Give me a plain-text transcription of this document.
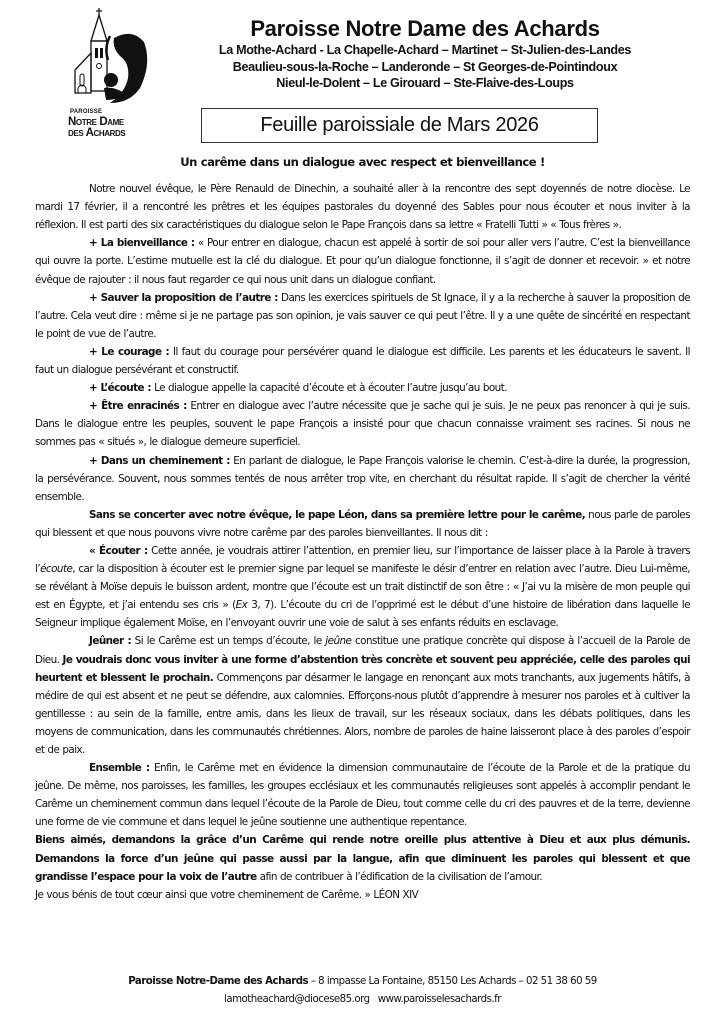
PAROISSE
Notre Dame
des Achards
Paroisse Notre Dame des Achards
La Mothe-Achard - La Chapelle-Achard – Martinet – St-Julien-des-Landes
Beaulieu-sous-la-Roche – Landeronde – St Georges-de-Pointindoux
Nieul-le-Dolent – Le Girouard – Ste-Flaive-des-Loups
Feuille paroissiale de Mars 2026

Un carême dans un dialogue avec respect et bienveillance !

Notre nouvel évêque, le Père Renauld de Dinechin, a souhaité aller à la rencontre des sept doyennés de notre diocèse. Le mardi 17 février, il a rencontré les prêtres et les équipes pastorales du doyenné des Sables pour nous écouter et nous inviter à la réflexion. Il est parti des six caractéristiques du dialogue selon le Pape François dans sa lettre « Fratelli Tutti » « Tous frères ».

+ La bienveillance : « Pour entrer en dialogue, chacun est appelé à sortir de soi pour aller vers l’autre. C’est la bienveillance qui ouvre la porte. L’estime mutuelle est la clé du dialogue. Et pour qu’un dialogue fonctionne, il s’agit de donner et recevoir. » et notre évêque de rajouter : il nous faut regarder ce qui nous unit dans un dialogue confiant.

+ Sauver la proposition de l’autre : Dans les exercices spirituels de St Ignace, il y a la recherche à sauver la proposition de l’autre. Cela veut dire : même si je ne partage pas son opinion, je vais sauver ce qui peut l’être. Il y a une quête de sincérité en respectant le point de vue de l’autre.

+ Le courage : Il faut du courage pour persévérer quand le dialogue est difficile. Les parents et les éducateurs le savent. Il faut un dialogue persévérant et constructif.

+ L’écoute : Le dialogue appelle la capacité d’écoute et à écouter l’autre jusqu’au bout.

+ Être enracinés : Entrer en dialogue avec l’autre nécessite que je sache qui je suis. Je ne peux pas renoncer à qui je suis. Dans le dialogue entre les peuples, souvent le pape François a insisté pour que chacun connaisse vraiment ses racines. Si nous ne sommes pas « situés », le dialogue demeure superficiel.

+ Dans un cheminement : En parlant de dialogue, le Pape François valorise le chemin. C’est-à-dire la durée, la progression, la persévérance. Souvent, nous sommes tentés de nous arrêter trop vite, en cherchant du résultat rapide. Il s’agit de chercher la vérité ensemble.

Sans se concerter avec notre évêque, le pape Léon, dans sa première lettre pour le carême, nous parle de paroles qui blessent et que nous pouvons vivre notre carême par des paroles bienveillantes. Il nous dit :

« Écouter : Cette année, je voudrais attirer l’attention, en premier lieu, sur l’importance de laisser place à la Parole à travers l’écoute, car la disposition à écouter est le premier signe par lequel se manifeste le désir d’entrer en relation avec l’autre. Dieu Lui-même, se révélant à Moïse depuis le buisson ardent, montre que l’écoute est un trait distinctif de son être : « J’ai vu la misère de mon peuple qui est en Égypte, et j’ai entendu ses cris » (Ex 3, 7). L’écoute du cri de l’opprimé est le début d’une histoire de libération dans laquelle le Seigneur implique également Moïse, en l’envoyant ouvrir une voie de salut à ses enfants réduits en esclavage.

Jeûner : Si le Carême est un temps d’écoute, le jeûne constitue une pratique concrète qui dispose à l’accueil de la Parole de Dieu. Je voudrais donc vous inviter à une forme d’abstention très concrète et souvent peu appréciée, celle des paroles qui heurtent et blessent le prochain. Commençons par désarmer le langage en renonçant aux mots tranchants, aux jugements hâtifs, à médire de qui est absent et ne peut se défendre, aux calomnies. Efforçons-nous plutôt d’apprendre à mesurer nos paroles et à cultiver la gentillesse : au sein de la famille, entre amis, dans les lieux de travail, sur les réseaux sociaux, dans les débats politiques, dans les moyens de communication, dans les communautés chrétiennes. Alors, nombre de paroles de haine laisseront place à des paroles d’espoir et de paix.

Ensemble : Enfin, le Carême met en évidence la dimension communautaire de l’écoute de la Parole et de la pratique du jeûne. De même, nos paroisses, les familles, les groupes ecclésiaux et les communautés religieuses sont appelés à accomplir pendant le Carême un cheminement commun dans lequel l’écoute de la Parole de Dieu, tout comme celle du cri des pauvres et de la terre, devienne une forme de vie commune et dans lequel le jeûne soutienne une authentique repentance.

Biens aimés, demandons la grâce d’un Carême qui rende notre oreille plus attentive à Dieu et aux plus démunis. Demandons la force d’un jeûne qui passe aussi par la langue, afin que diminuent les paroles qui blessent et que grandisse l’espace pour la voix de l’autre afin de contribuer à l’édification de la civilisation de l’amour.

Je vous bénis de tout cœur ainsi que votre cheminement de Carême. » LÉON XIV

Paroisse Notre-Dame des Achards – 8 impasse La Fontaine, 85150 Les Achards – 02 51 38 60 59
lamotheachard@diocese85.org www.paroisselesachards.fr
